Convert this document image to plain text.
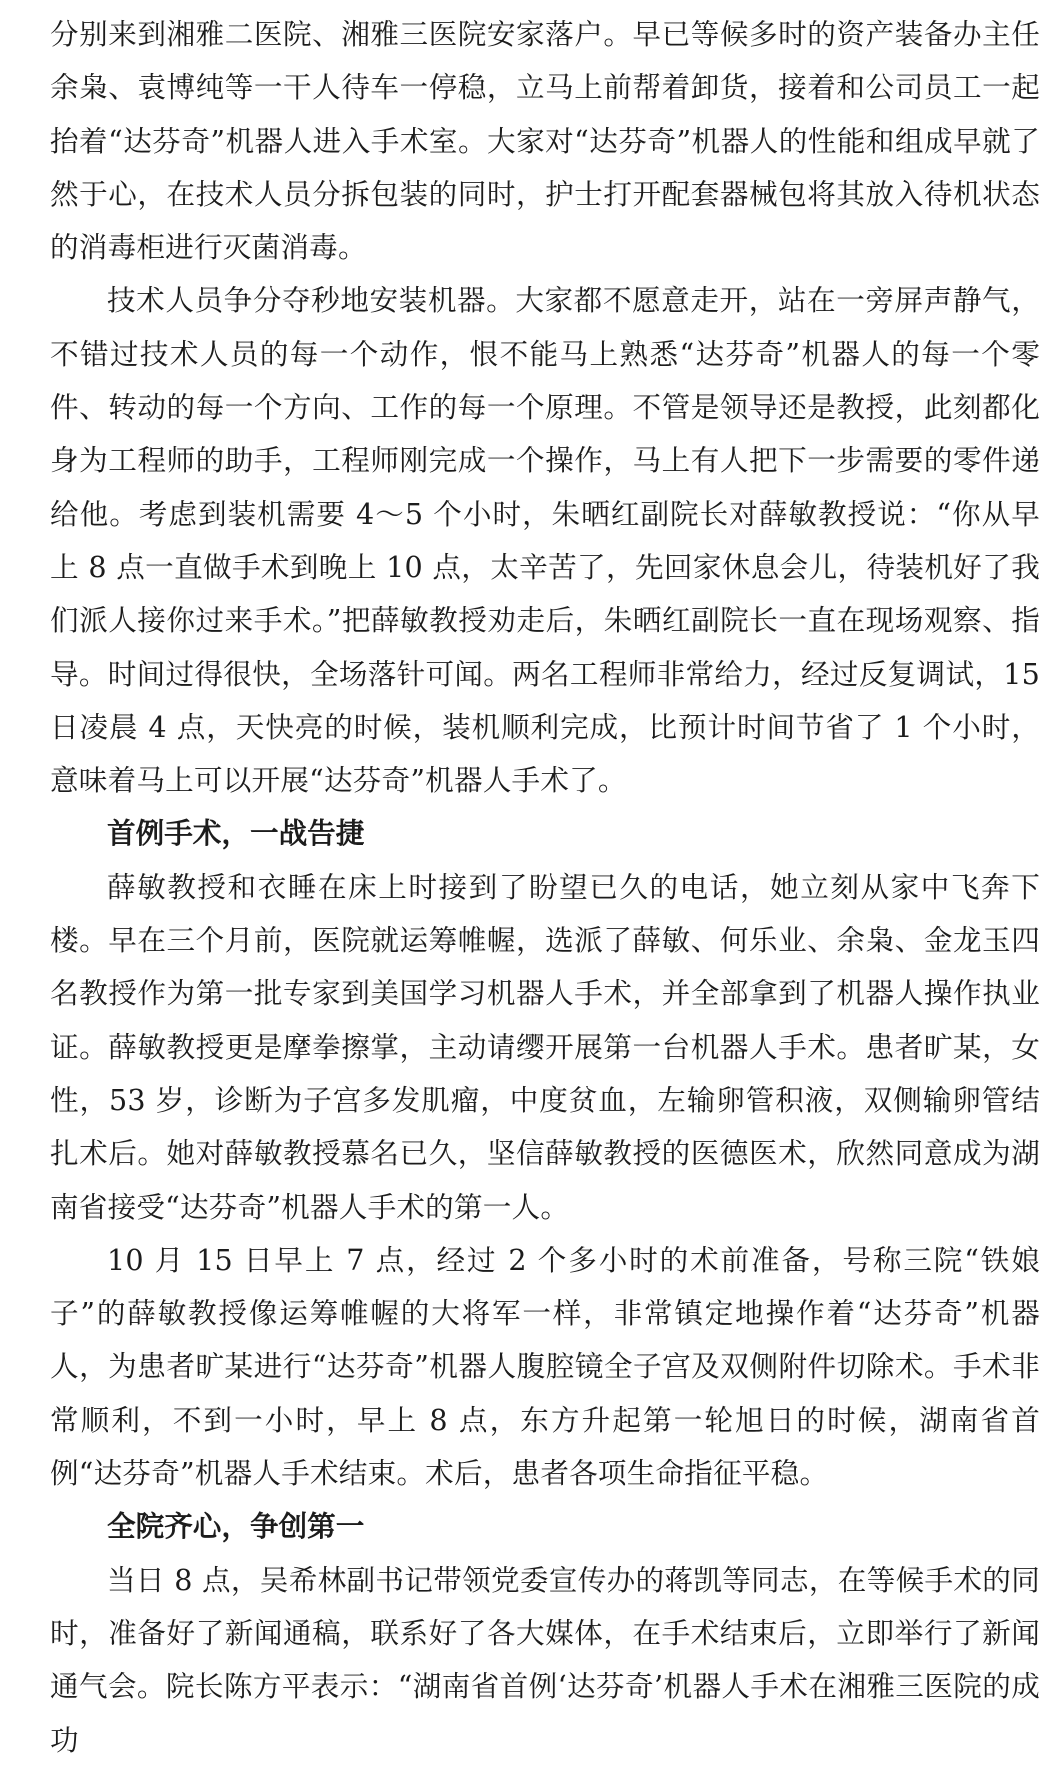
分别来到湘雅二医院、湘雅三医院安家落户。早已等候多时的资产装备办主任余枭、袁博纯等一干人待车一停稳，立马上前帮着卸货，接着和公司员工一起抬着“达芬奇”机器人进入手术室。大家对“达芬奇”机器人的性能和组成早就了然于心，在技术人员分拆包装的同时，护士打开配套器械包将其放入待机状态的消毒柜进行灭菌消毒。

技术人员争分夺秒地安装机器。大家都不愿意走开，站在一旁屏声静气，不错过技术人员的每一个动作，恨不能马上熟悉“达芬奇”机器人的每一个零件、转动的每一个方向、工作的每一个原理。不管是领导还是教授，此刻都化身为工程师的助手，工程师刚完成一个操作，马上有人把下一步需要的零件递给他。考虑到装机需要 4～5 个小时，朱晒红副院长对薛敏教授说：“你从早上 8 点一直做手术到晚上 10 点，太辛苦了，先回家休息会儿，待装机好了我们派人接你过来手术。”把薛敏教授劝走后，朱晒红副院长一直在现场观察、指导。时间过得很快，全场落针可闻。两名工程师非常给力，经过反复调试，15 日凌晨 4 点，天快亮的时候，装机顺利完成，比预计时间节省了 1 个小时，意味着马上可以开展“达芬奇”机器人手术了。

首例手术，一战告捷

薛敏教授和衣睡在床上时接到了盼望已久的电话，她立刻从家中飞奔下楼。早在三个月前，医院就运筹帷幄，选派了薛敏、何乐业、余枭、金龙玉四名教授作为第一批专家到美国学习机器人手术，并全部拿到了机器人操作执业证。薛敏教授更是摩拳擦掌，主动请缨开展第一台机器人手术。患者旷某，女性，53 岁，诊断为子宫多发肌瘤，中度贫血，左输卵管积液，双侧输卵管结扎术后。她对薛敏教授慕名已久，坚信薛敏教授的医德医术，欣然同意成为湖南省接受“达芬奇”机器人手术的第一人。

10 月 15 日早上 7 点，经过 2 个多小时的术前准备，号称三院“铁娘子”的薛敏教授像运筹帷幄的大将军一样，非常镇定地操作着“达芬奇”机器人，为患者旷某进行“达芬奇”机器人腹腔镜全子宫及双侧附件切除术。手术非常顺利，不到一小时，早上 8 点，东方升起第一轮旭日的时候，湖南省首例“达芬奇”机器人手术结束。术后，患者各项生命指征平稳。

全院齐心，争创第一

当日 8 点，吴希林副书记带领党委宣传办的蒋凯等同志，在等候手术的同时，准备好了新闻通稿，联系好了各大媒体，在手术结束后，立即举行了新闻通气会。院长陈方平表示：“湖南省首例‘达芬奇’机器人手术在湘雅三医院的成功
